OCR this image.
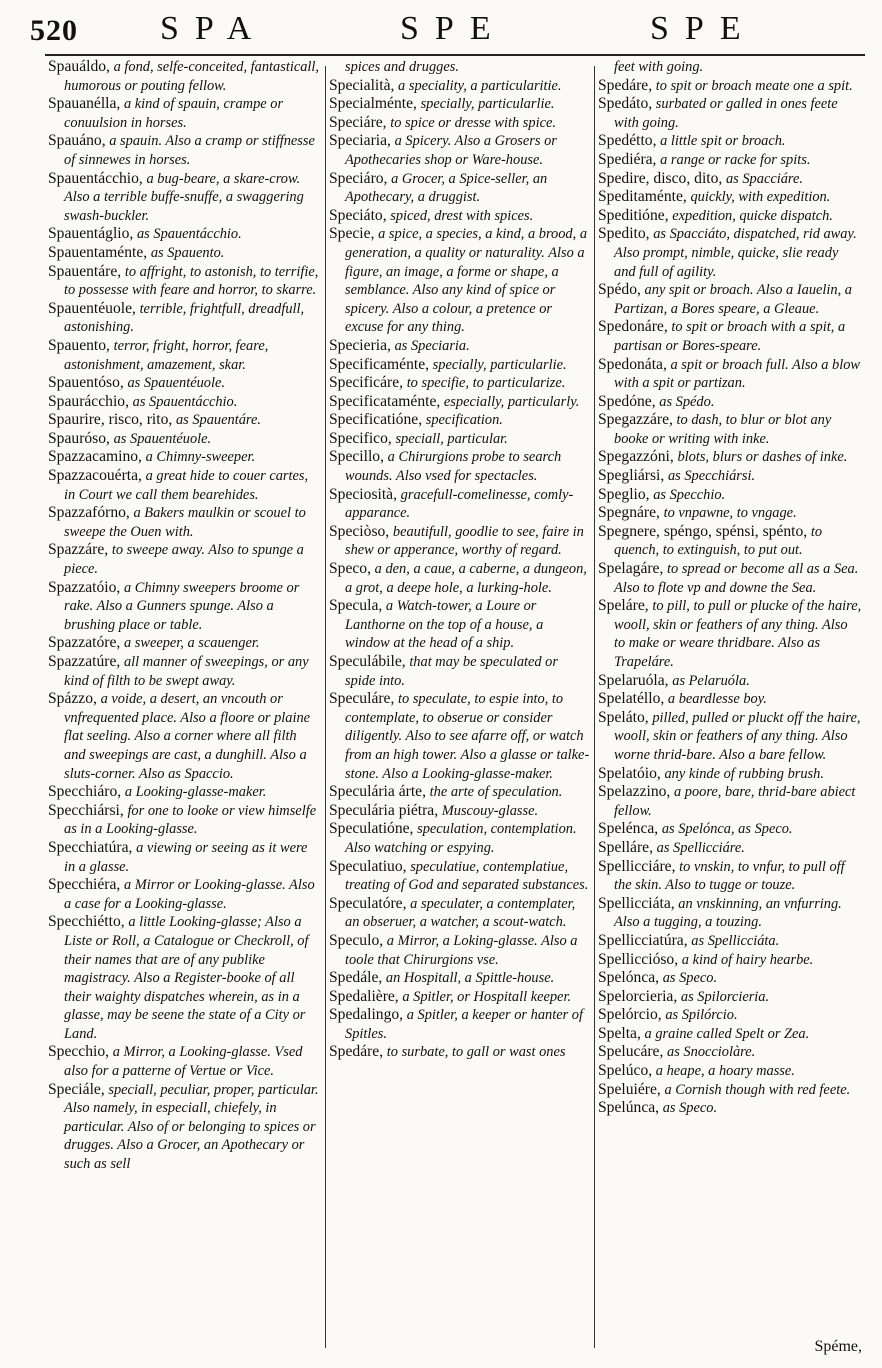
520 SPA	SPE	SPE

Spauáldo, a fond, selfe-conceited, fantasticall, humorous or pouting fellow.

Spauanélla, a kind of spauin, crampe or conuulsion in horses.

Spauáno, a spauin. Also a cramp or stiffnesse of sinnewes in horses.

Spauentácchio, a bug-beare, a skare-crow. Also a terrible buffe-snuffe, a swaggering swash-buckler.

Spauentáglio, as Spauentácchio.

Spauentaménte, as Spauento.

Spauentáre, to affright, to astonish, to terrifie, to possesse with feare and horror, to skarre.

Spauentéuole, terrible, frightfull, dreadfull, astonishing.

Spauento, terror, fright, horror, feare, astonishment, amazement, skar.

Spauentóso, as Spauentéuole.

Spaurácchio, as Spauentácchio.

Spaurire, risco, rito, as Spauentáre.

Spauróso, as Spauentéuole.

Spazzacamino, a Chimny-sweeper.

Spazzacouérta, a great hide to couer cartes, in Court we call them bearehides.

Spazzafórno, a Bakers maulkin or scouel to sweepe the Ouen with.

Spazzáre, to sweepe away. Also to spunge a piece.

Spazzatóio, a Chimny sweepers broome or rake. Also a Gunners spunge. Also a brushing place or table.

Spazzatóre, a sweeper, a scauenger.

Spazzatúre, all manner of sweepings, or any kind of filth to be swept away.

Spázzo, a voide, a desert, an vncouth or vnfrequented place. Also a floore or plaine flat seeling. Also a corner where all filth and sweepings are cast, a dunghill. Also a sluts-corner. Also as Spaccio.

Specchiáro, a Looking-glasse-maker.

Specchiársi, for one to looke or view himselfe as in a Looking-glasse.

Specchiatúra, a viewing or seeing as it were in a glasse.

Specchiéra, a Mirror or Looking-glasse. Also a case for a Looking-glasse.

Specchiétto, a little Looking-glasse; Also a Liste or Roll, a Catalogue or Checkroll, of their names that are of any publike magistracy. Also a Register-booke of all their waighty dispatches wherein, as in a glasse, may be seene the state of a City or Land.

Specchio, a Mirror, a Looking-glasse. Vsed also for a patterne of Vertue or Vice.

Speciále, speciall, peculiar, proper, particular. Also namely, in especiall, chiefely, in particular. Also of or belonging to spices or drugges. Also a Grocer, an Apothecary or such as sell

spices and drugges.

Specialità, a speciality, a particularitie.

Specialménte, specially, particularlie.

Speciáre, to spice or dresse with spice.

Speciaria, a Spicery. Also a Grosers or Apothecaries shop or Ware-house.

Speciáro, a Grocer, a Spice-seller, an Apothecary, a druggist.

Speciáto, spiced, drest with spices.

Specie, a spice, a species, a kind, a brood, a generation, a quality or naturality. Also a figure, an image, a forme or shape, a semblance. Also any kind of spice or spicery. Also a colour, a pretence or excuse for any thing.

Specieria, as Speciaria.

Specificaménte, specially, particularlie.

Specificáre, to specifie, to particularize.

Specificataménte, especially, particularly.

Specificatióne, specification.

Specifico, speciall, particular.

Specillo, a Chirurgions probe to search wounds. Also vsed for spectacles.

Speciosità, gracefull-comelinesse, comly-apparance.

Speciòso, beautifull, goodlie to see, faire in shew or apperance, worthy of regard.

Speco, a den, a caue, a caberne, a dungeon, a grot, a deepe hole, a lurking-hole.

Specula, a Watch-tower, a Loure or Lanthorne on the top of a house, a window at the head of a ship.

Speculábile, that may be speculated or spide into.

Speculáre, to speculate, to espie into, to contemplate, to obserue or consider diligently. Also to see afarre off, or watch from an high tower. Also a glasse or talke-stone. Also a Looking-glasse-maker.

Speculária árte, the arte of speculation.

Speculária piétra, Muscouy-glasse.

Speculatióne, speculation, contemplation. Also watching or espying.

Speculatiuo, speculatiue, contemplatiue, treating of God and separated substances.

Speculatóre, a speculater, a contemplater, an obseruer, a watcher, a scout-watch.

Speculo, a Mirror, a Loking-glasse. Also a toole that Chirurgions vse.

Spedále, an Hospitall, a Spittle-house.

Spedalière, a Spitler, or Hospitall keeper.

Spedalingo, a Spitler, a keeper or hanter of Spitles.

Spedáre, to surbate, to gall or wast ones

feet with going.

Spedáre, to spit or broach meate one a spit.

Spedáto, surbated or galled in ones feete with going.

Spedétto, a little spit or broach.

Spediéra, a range or racke for spits.

Spedire, disco, dito, as Spacciáre.

Speditaménte, quickly, with expedition.

Speditióne, expedition, quicke dispatch.

Spedito, as Spacciáto, dispatched, rid away. Also prompt, nimble, quicke, slie ready and full of agility.

Spédo, any spit or broach. Also a Iauelin, a Partizan, a Bores speare, a Gleaue.

Spedonáre, to spit or broach with a spit, a partisan or Bores-speare.

Spedonáta, a spit or broach full. Also a blow with a spit or partizan.

Spedóne, as Spédo.

Spegazzáre, to dash, to blur or blot any booke or writing with inke.

Spegazzóni, blots, blurs or dashes of inke.

Spegliársi, as Specchiársi.

Speglio, as Specchio.

Spegnáre, to vnpawne, to vngage.

Spegnere, spéngo, spénsi, spénto, to quench, to extinguish, to put out.

Spelagáre, to spread or become all as a Sea. Also to flote vp and downe the Sea.

Speláre, to pill, to pull or plucke of the haire, wooll, skin or feathers of any thing. Also to make or weare thridbare. Also as Trapeláre.

Spelaruóla, as Pelaruóla.

Spelatéllo, a beardlesse boy.

Speláto, pilled, pulled or pluckt off the haire, wooll, skin or feathers of any thing. Also worne thrid-bare. Also a bare fellow.

Spelatóio, any kinde of rubbing brush.

Spelazzino, a poore, bare, thrid-bare abiect fellow.

Spelénca, as Spelónca, as Speco.

Spelláre, as Spellicciáre.

Spellicciáre, to vnskin, to vnfur, to pull off the skin. Also to tugge or touze.

Spellicciáta, an vnskinning, an vnfurring. Also a tugging, a touzing.

Spellicciatúra, as Spellicciáta.

Spelliccióso, a kind of hairy hearbe.

Spelónca, as Speco.

Spelorcieria, as Spilorcieria.

Spelórcio, as Spilórcio.

Spelta, a graine called Spelt or Zea.

Spelucáre, as Snocciolàre.

Spelúco, a heape, a hoary masse.

Speluiére, a Cornish though with red feete.

Spelúnca, as Speco.

Spéme,
